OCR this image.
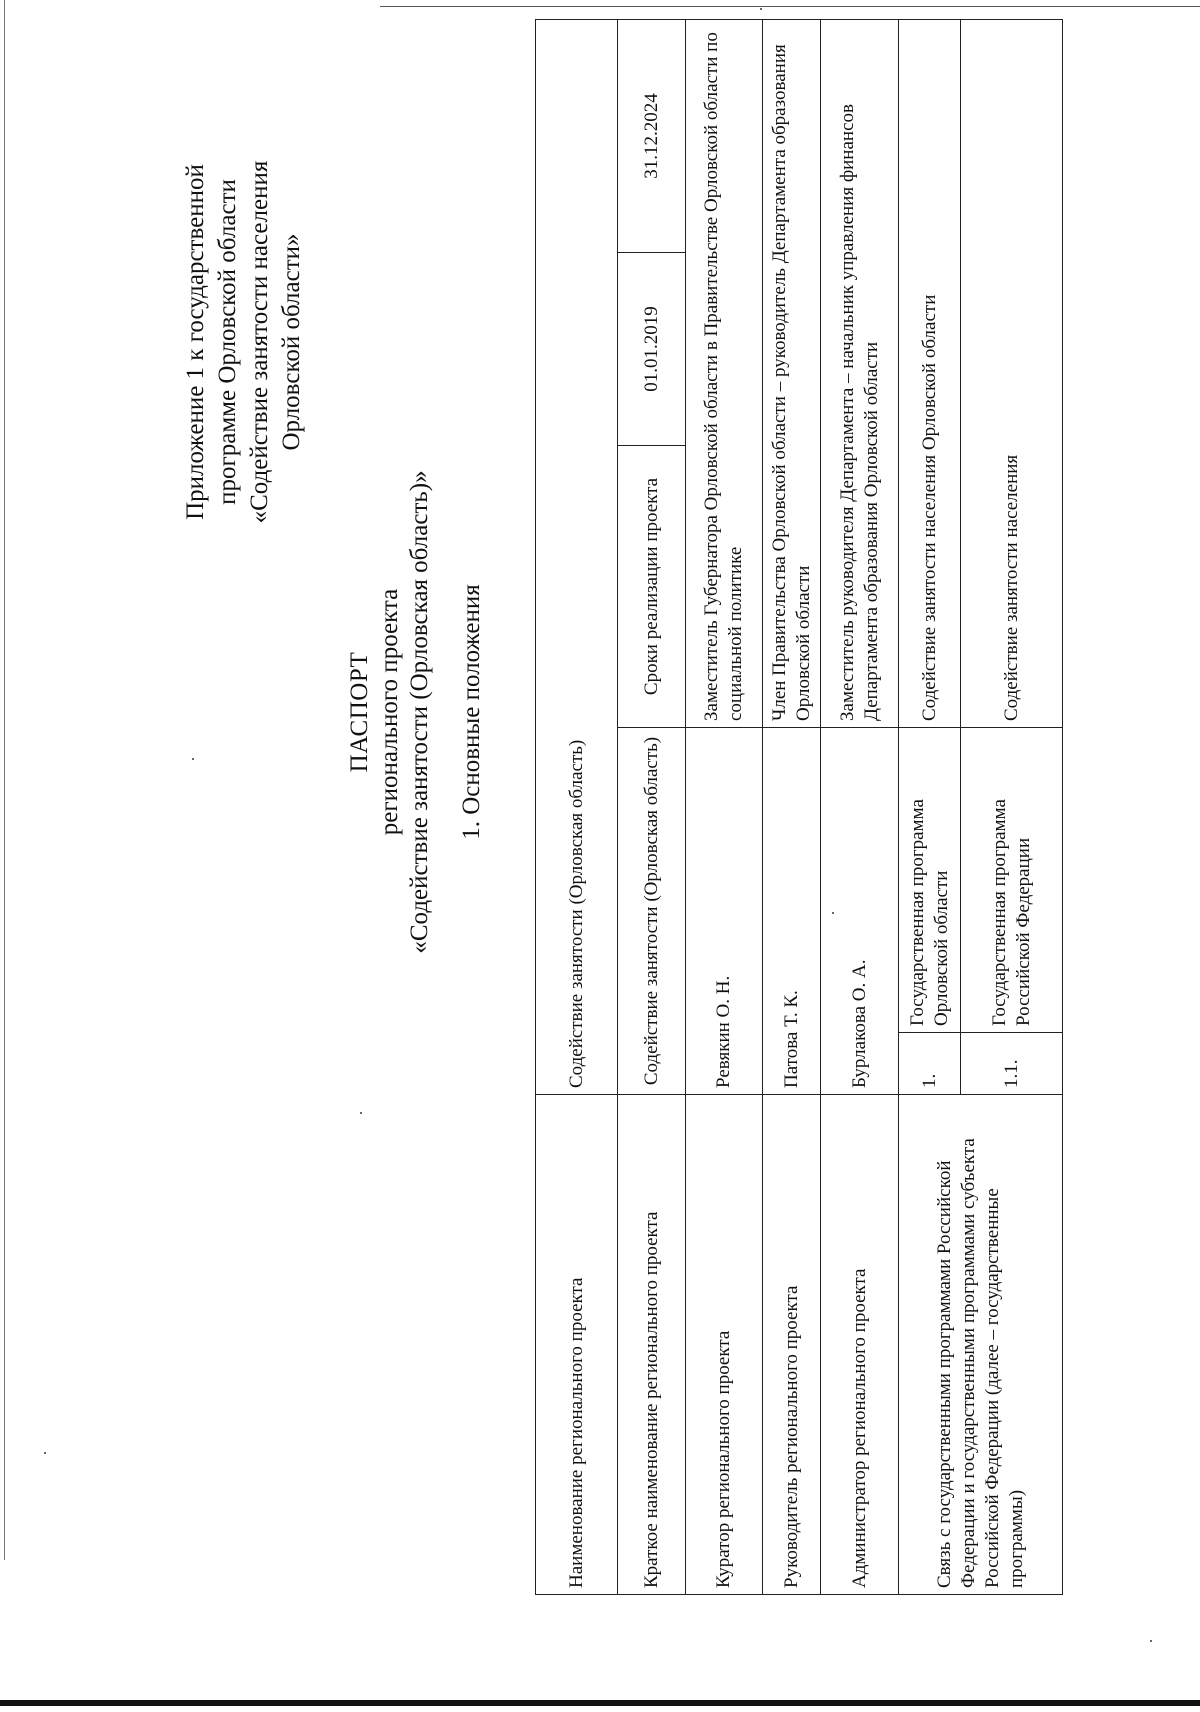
Приложение 1 к государственной программе Орловской области «Содействие занятости населения Орловской области»
ПАСПОРТ регионального проекта «Содействие занятости (Орловская область)» 1. Основные положения
Наименование регионального проекта	Содействие занятости (Орловская область)				
Краткое наименование регионального проекта	Содействие занятости (Орловская область)		Сроки реализации проекта	01.01.2019	31.12.2024
Куратор регионального проекта	Ревякин О. Н.		Заместитель Губернатора Орловской области в Правительстве Орловской области по социальной политике		
Руководитель регионального проекта	Патова Т. К.		Член Правительства Орловской области – руководитель Департамента образования Орловской области		
Администратор регионального проекта	Бурлакова О. А.		Заместитель руководителя Департамента – начальник управления финансов Департамента образования Орловской области		
Связь с государственными программами Российской Федерации и государственными программами субъекта Российской Федерации (далее – государственные программы)	1.	Государственная программа Орловской области	Содействие занятости населения Орловской области		
	1.1.	Государственная программа Российской Федерации	Содействие занятости населения		
